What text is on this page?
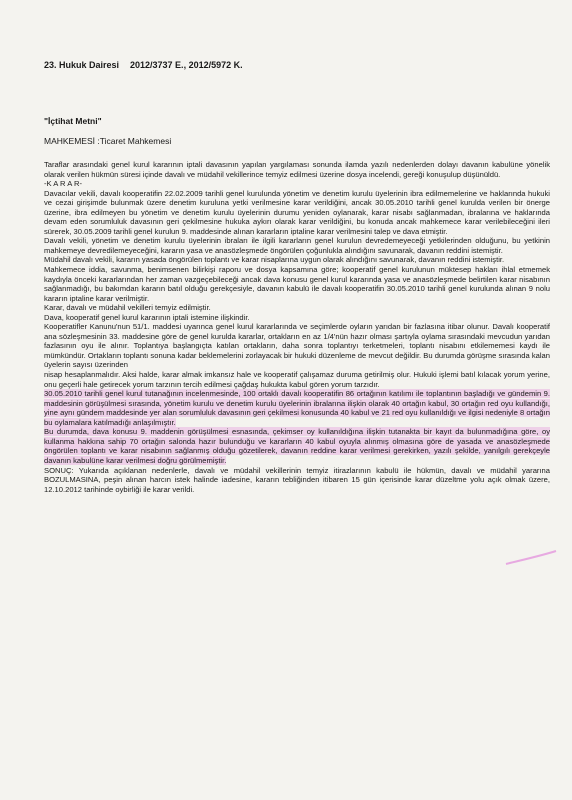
23. Hukuk Dairesi 2012/3737 E., 2012/5972 K.
"İçtihat Metni"
MAHKEMESİ :Ticaret Mahkemesi

Taraflar arasındaki genel kurul kararının iptali davasının yapılan yargılaması sonunda ilamda yazılı nedenlerden dolayı davanın kabulüne yönelik olarak verilen hükmün süresi içinde davalı ve müdahil vekillerince temyiz edilmesi üzerine dosya incelendi, gereği konuşulup düşünüldü.

-K A R A R-

Davacılar vekili, davalı kooperatifin 22.02.2009 tarihli genel kurulunda yönetim ve denetim kurulu üyelerinin ibra edilmemelerine ve haklarında hukuki ve cezai girişimde bulunmak üzere denetim kuruluna yetki verilmesine karar verildiğini, ancak 30.05.2010 tarihli genel kurulda verilen bir önerge üzerine, ibra edilmeyen bu yönetim ve denetim kurulu üyelerinin durumu yeniden oylanarak, karar nisabı sağlanmadan, ibralarına ve haklarında devam eden sorumluluk davasının geri çekilmesine hukuka aykırı olarak karar verildiğini, bu konuda ancak mahkemece karar verilebileceğini ileri sürerek, 30.05.2009 tarihli genel kurulun 9. maddesinde alınan kararların iptaline karar verilmesini talep ve dava etmiştir.

Davalı vekili, yönetim ve denetim kurulu üyelerinin ibraları ile ilgili kararların genel kurulun devredemeyeceği yetkilerinden olduğunu, bu yetkinin mahkemeye devredilemeyeceğini, kararın yasa ve anasözleşmede öngörülen çoğunlukla alındığını savunarak, davanın reddini istemiştir.

Müdahil davalı vekili, kararın yasada öngörülen toplantı ve karar nisaplarına uygun olarak alındığını savunarak, davanın reddini istemiştir.

Mahkemece iddia, savunma, benimsenen bilirkişi raporu ve dosya kapsamına göre; kooperatif genel kurulunun müktesep hakları ihlal etmemek kaydıyla önceki kararlarından her zaman vazgeçebileceği ancak dava konusu genel kurul kararında yasa ve anasözleşmede belirtilen karar nisabının sağlanmadığı, bu bakımdan kararın batıl olduğu gerekçesiyle, davanın kabulü ile davalı kooperatifin 30.05.2010 tarihli genel kurulunda alınan 9 nolu kararın iptaline karar verilmiştir.

Karar, davalı ve müdahil vekilleri temyiz edilmiştir.

Dava, kooperatif genel kurul kararının iptali istemine ilişkindir.

Kooperatifler Kanunu'nun 51/1. maddesi uyarınca genel kurul kararlarında ve seçimlerde oyların yarıdan bir fazlasına itibar olunur. Davalı kooperatif ana sözleşmesinin 33. maddesine göre de genel kurulda kararlar, ortakların en az 1/4'nün hazır olması şartıyla oylama sırasındaki mevcudun yarıdan fazlasının oyu ile alınır. Toplantıya başlangıçta katılan ortakların, daha sonra toplantıyı terketmeleri, toplantı nisabını etkilememesi kaydı ile mümkündür. Ortakların toplantı sonuna kadar beklemelerini zorlayacak bir hukuki düzenleme de mevcut değildir. Bu durumda görüşme sırasında kalan üyelerin sayısı üzerinden

nisap hesaplanmalıdır. Aksi halde, karar almak imkansız hale ve kooperatif çalışamaz duruma getirilmiş olur. Hukuki işlemi batıl kılacak yorum yerine, onu geçerli hale getirecek yorum tarzının tercih edilmesi çağdaş hukukta kabul gören yorum tarzıdır.

30.05.2010 tarihli genel kurul tutanağının incelenmesinde, 100 ortaklı davalı kooperatifin 86 ortağının katılımı ile toplantının başladığı ve gündemin 9. maddesinin görüşülmesi sırasında, yönetim kurulu ve denetim kurulu üyelerinin ibralarına ilişkin olarak 40 ortağın kabul, 30 ortağın red oyu kullandığı, yine aynı gündem maddesinde yer alan sorumluluk davasının geri çekilmesi konusunda 40 kabul ve 21 red oyu kullanıldığı ve ilgisi nedeniyle 8 ortağın bu oylamalara katılmadığı anlaşılmıştır.

Bu durumda, dava konusu 9. maddenin görüşülmesi esnasında, çekimser oy kullanıldığına ilişkin tutanakta bir kayıt da bulunmadığına göre, oy kullanma hakkına sahip 70 ortağın salonda hazır bulunduğu ve kararların 40 kabul oyuyla alınmış olmasına göre de yasada ve anasözleşmede öngörülen toplantı ve karar nisabının sağlanmış olduğu gözetilerek, davanın reddine karar verilmesi gerekirken, yazılı şekilde, yanılgılı gerekçeyle davanın kabulüne karar verilmesi doğru görülmemiştir.

SONUÇ: Yukarıda açıklanan nedenlerle, davalı ve müdahil vekillerinin temyiz itirazlarının kabulü ile hükmün, davalı ve müdahil yararına BOZULMASINA, peşin alınan harcın istek halinde iadesine, kararın tebliğinden itibaren 15 gün içerisinde karar düzeltme yolu açık olmak üzere, 12.10.2012 tarihinde oybirliği ile karar verildi.
